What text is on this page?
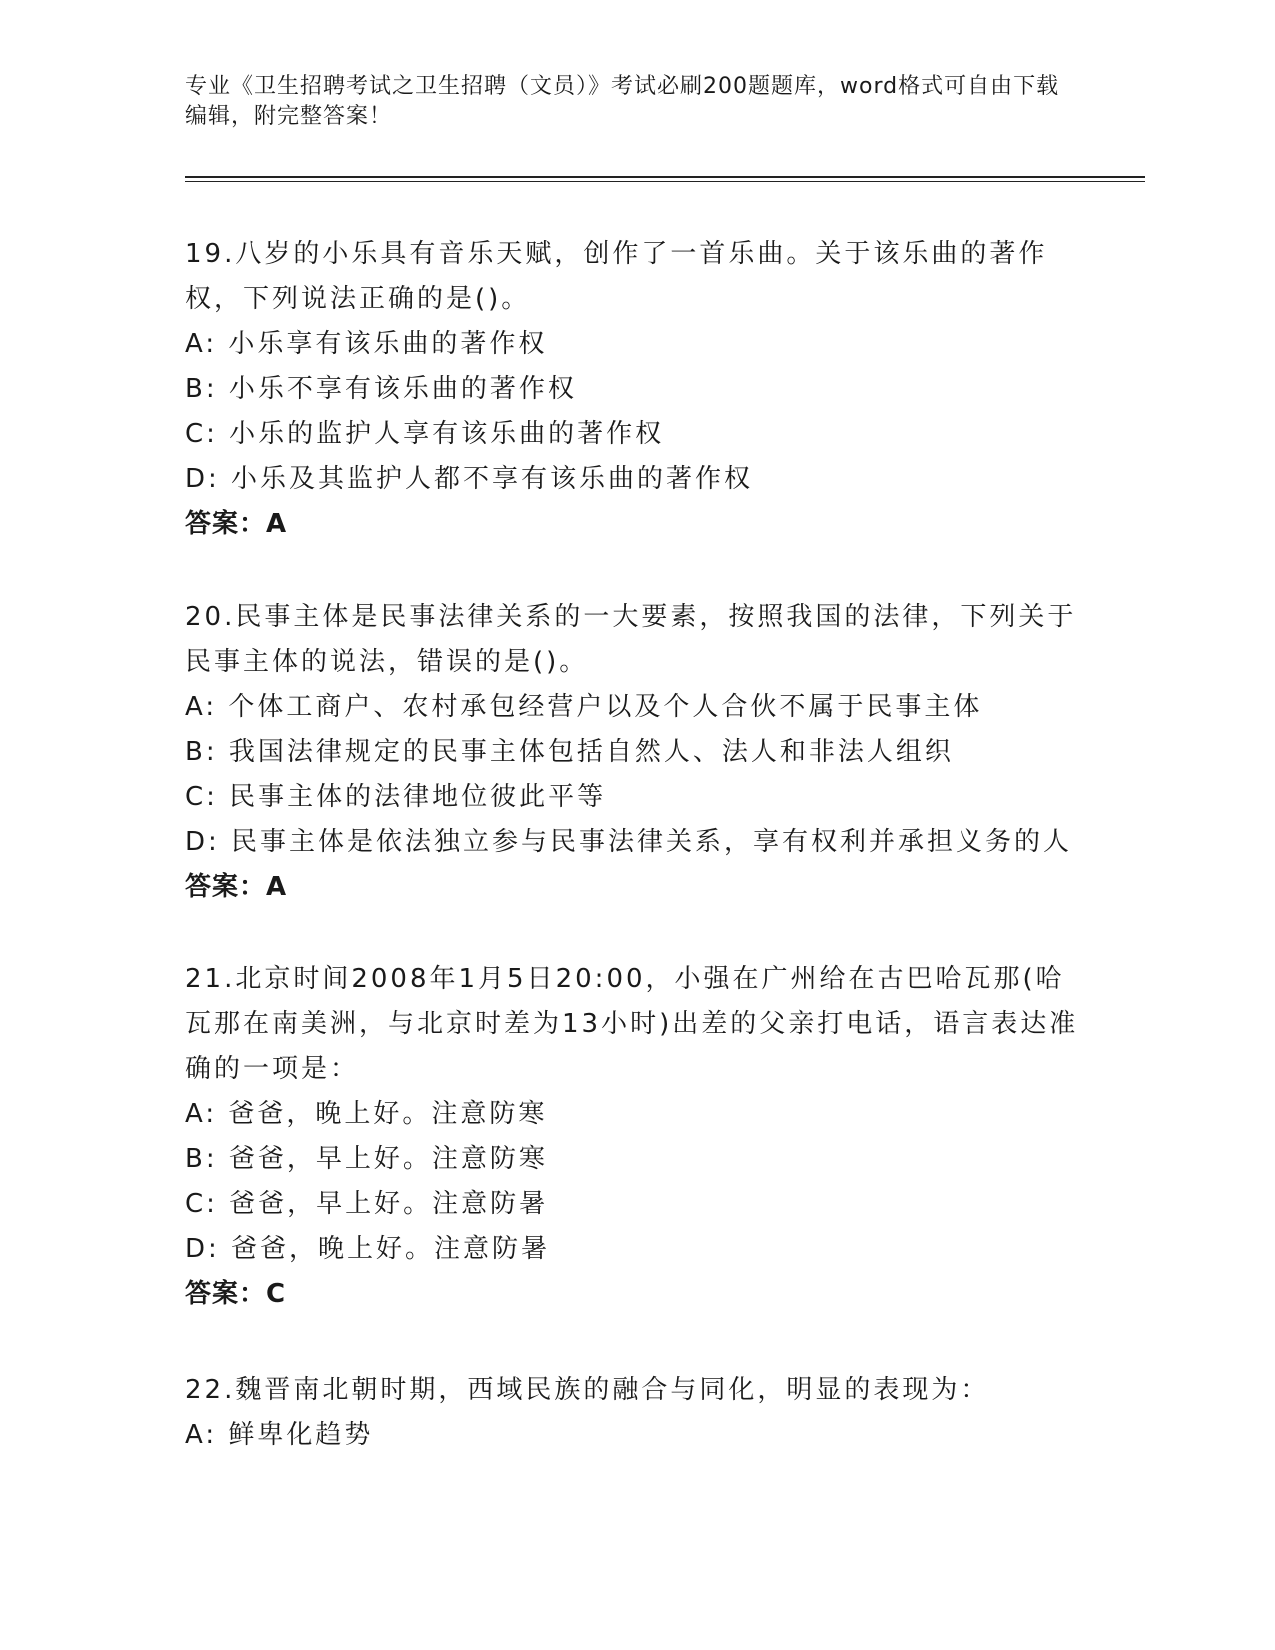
专业《卫生招聘考试之卫生招聘（文员）》考试必刷200题题库，word格式可自由下载编辑，附完整答案！
19.八岁的小乐具有音乐天赋，创作了一首乐曲。关于该乐曲的著作权，下列说法正确的是()。
A: 小乐享有该乐曲的著作权
B: 小乐不享有该乐曲的著作权
C: 小乐的监护人享有该乐曲的著作权
D: 小乐及其监护人都不享有该乐曲的著作权
答案：A
20.民事主体是民事法律关系的一大要素，按照我国的法律，下列关于民事主体的说法，错误的是()。
A: 个体工商户、农村承包经营户以及个人合伙不属于民事主体
B: 我国法律规定的民事主体包括自然人、法人和非法人组织
C: 民事主体的法律地位彼此平等
D: 民事主体是依法独立参与民事法律关系，享有权利并承担义务的人
答案：A
21.北京时间2008年1月5日20:00，小强在广州给在古巴哈瓦那(哈瓦那在南美洲，与北京时差为13小时)出差的父亲打电话，语言表达准确的一项是：
A: 爸爸，晚上好。注意防寒
B: 爸爸，早上好。注意防寒
C: 爸爸，早上好。注意防暑
D: 爸爸，晚上好。注意防暑
答案：C
22.魏晋南北朝时期，西域民族的融合与同化，明显的表现为：
A: 鲜卑化趋势
